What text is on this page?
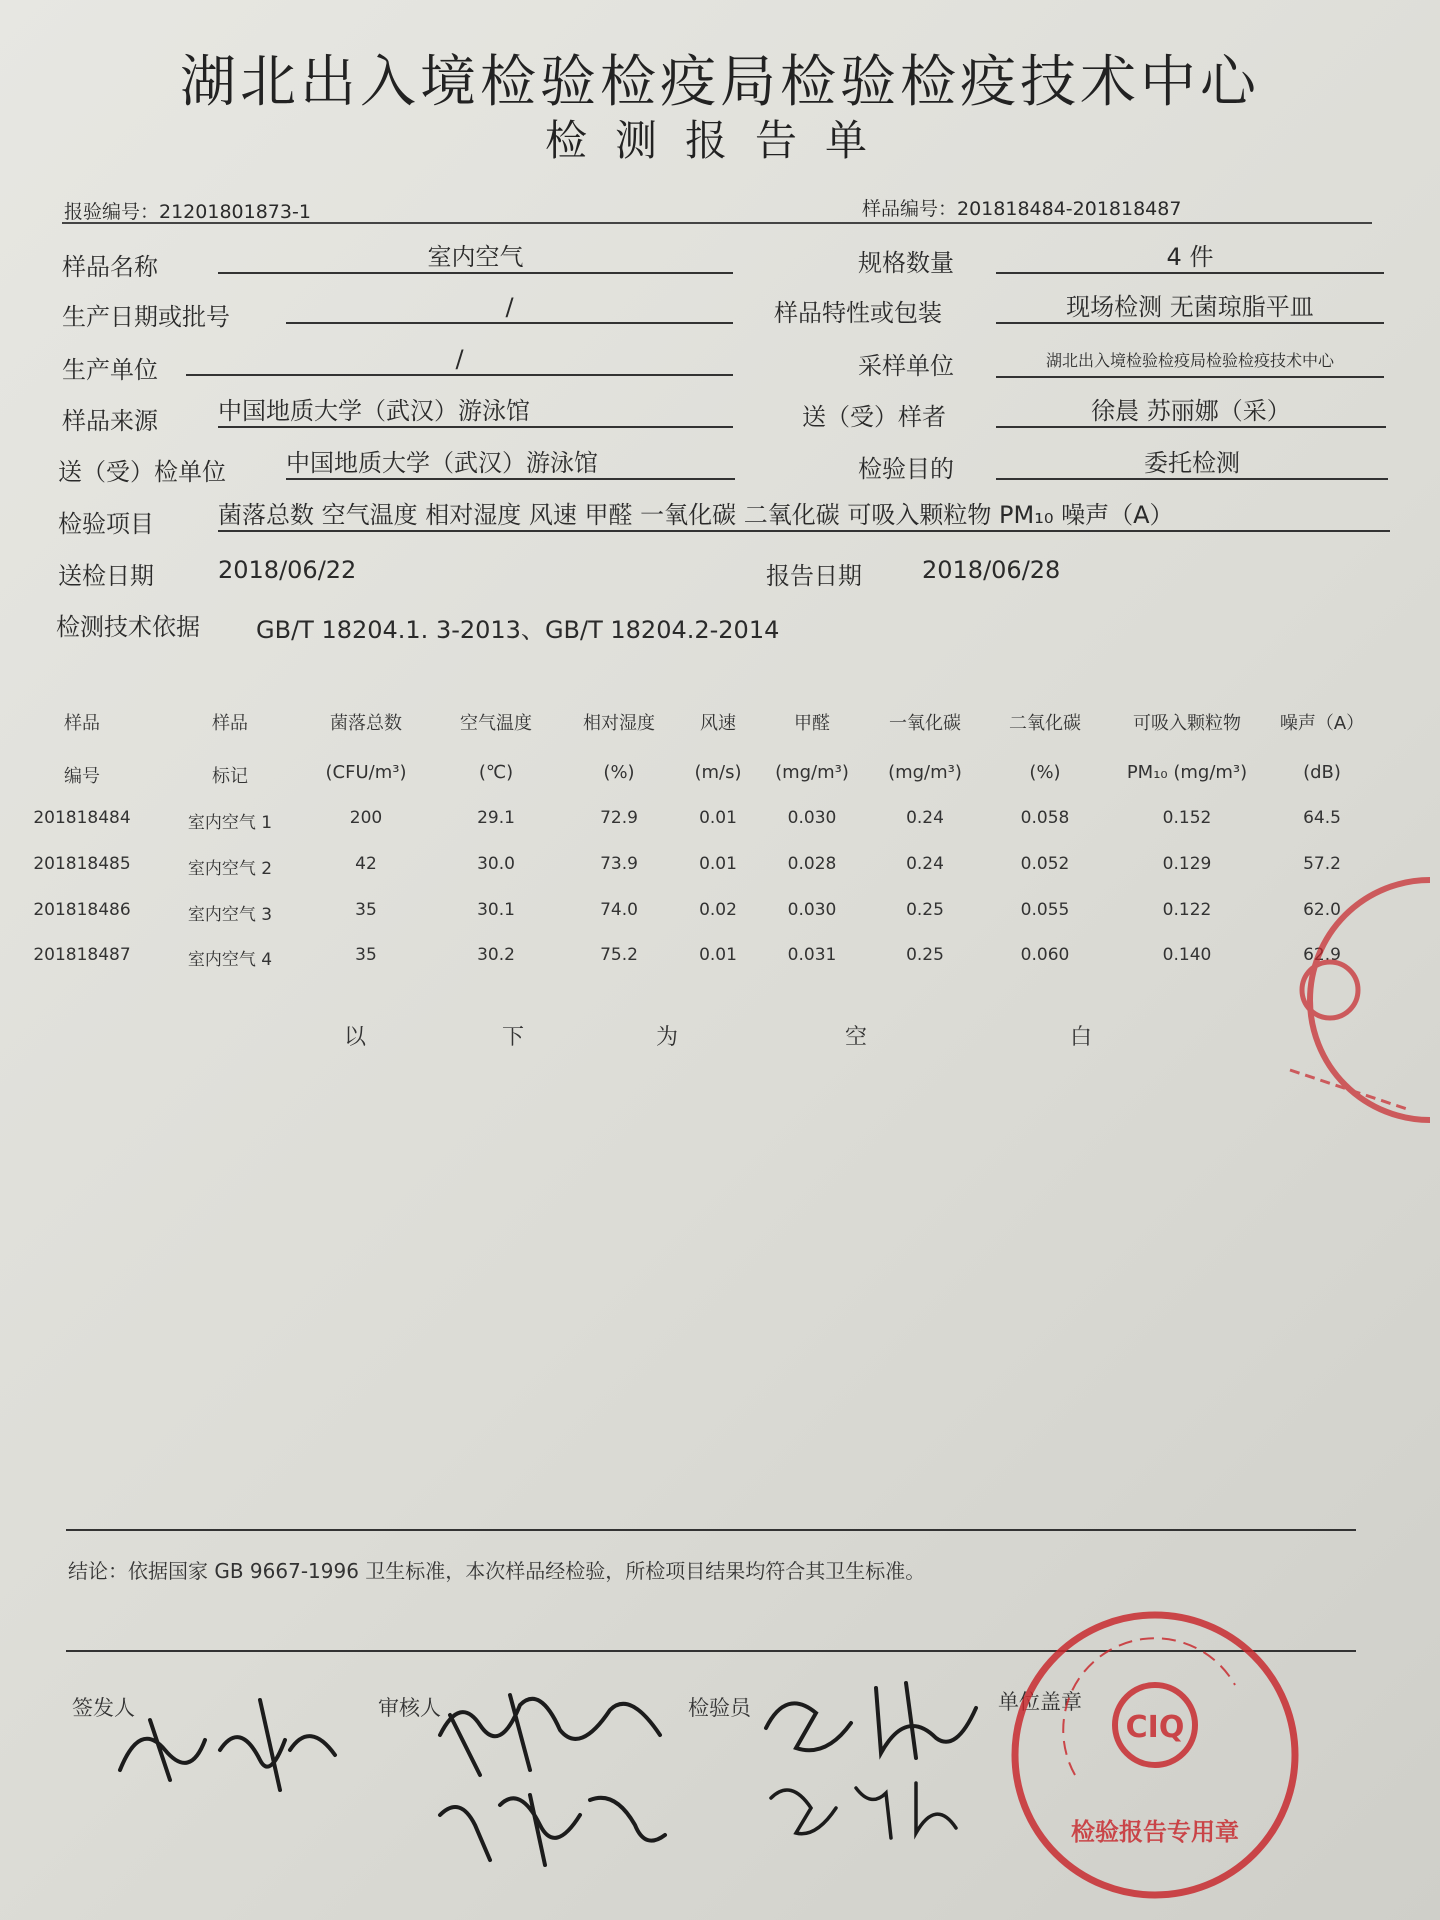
湖北出入境检验检疫局检验检疫技术中心
检测报告单
报验编号：21201801873-1	样品编号：201818484-201818487
样品名称	室内空气	规格数量	4 件
生产日期或批号	/	样品特性或包装	现场检测 无菌琼脂平皿
生产单位	/	采样单位	湖北出入境检验检疫局检验检疫技术中心
样品来源	中国地质大学（武汉）游泳馆	送（受）样者	徐晨 苏丽娜（采）
送（受）检单位	中国地质大学（武汉）游泳馆	检验目的	委托检测
检验项目	菌落总数 空气温度 相对湿度 风速 甲醛 一氧化碳 二氧化碳 可吸入颗粒物 PM₁₀ 噪声（A）
送检日期	2018/06/22	报告日期	2018/06/28
检测技术依据 GB/T 18204.1. 3-2013、GB/T 18204.2-2014
样品	样品	菌落总数	空气温度	相对湿度	风速	甲醛	一氧化碳	二氧化碳	可吸入颗粒物	噪声（A）
编号	标记	(CFU/m³)	(℃)	(%)	(m/s)	(mg/m³)	(mg/m³)	(%)	PM₁₀ (mg/m³)	(dB)
201818484	室内空气 1	200	29.1	72.9	0.01	0.030	0.24	0.058	0.152	64.5
201818485	室内空气 2	42	30.0	73.9	0.01	0.028	0.24	0.052	0.129	57.2
201818486	室内空气 3	35	30.1	74.0	0.02	0.030	0.25	0.055	0.122	62.0
201818487	室内空气 4	35	30.2	75.2	0.01	0.031	0.25	0.060	0.140	62.9
以	下	为	空	白
结论：依据国家 GB 9667-1996 卫生标准，本次样品经检验，所检项目结果均符合其卫生标准。
签发人	审核人	检验员	单位盖章
CIQ
检验报告专用章
